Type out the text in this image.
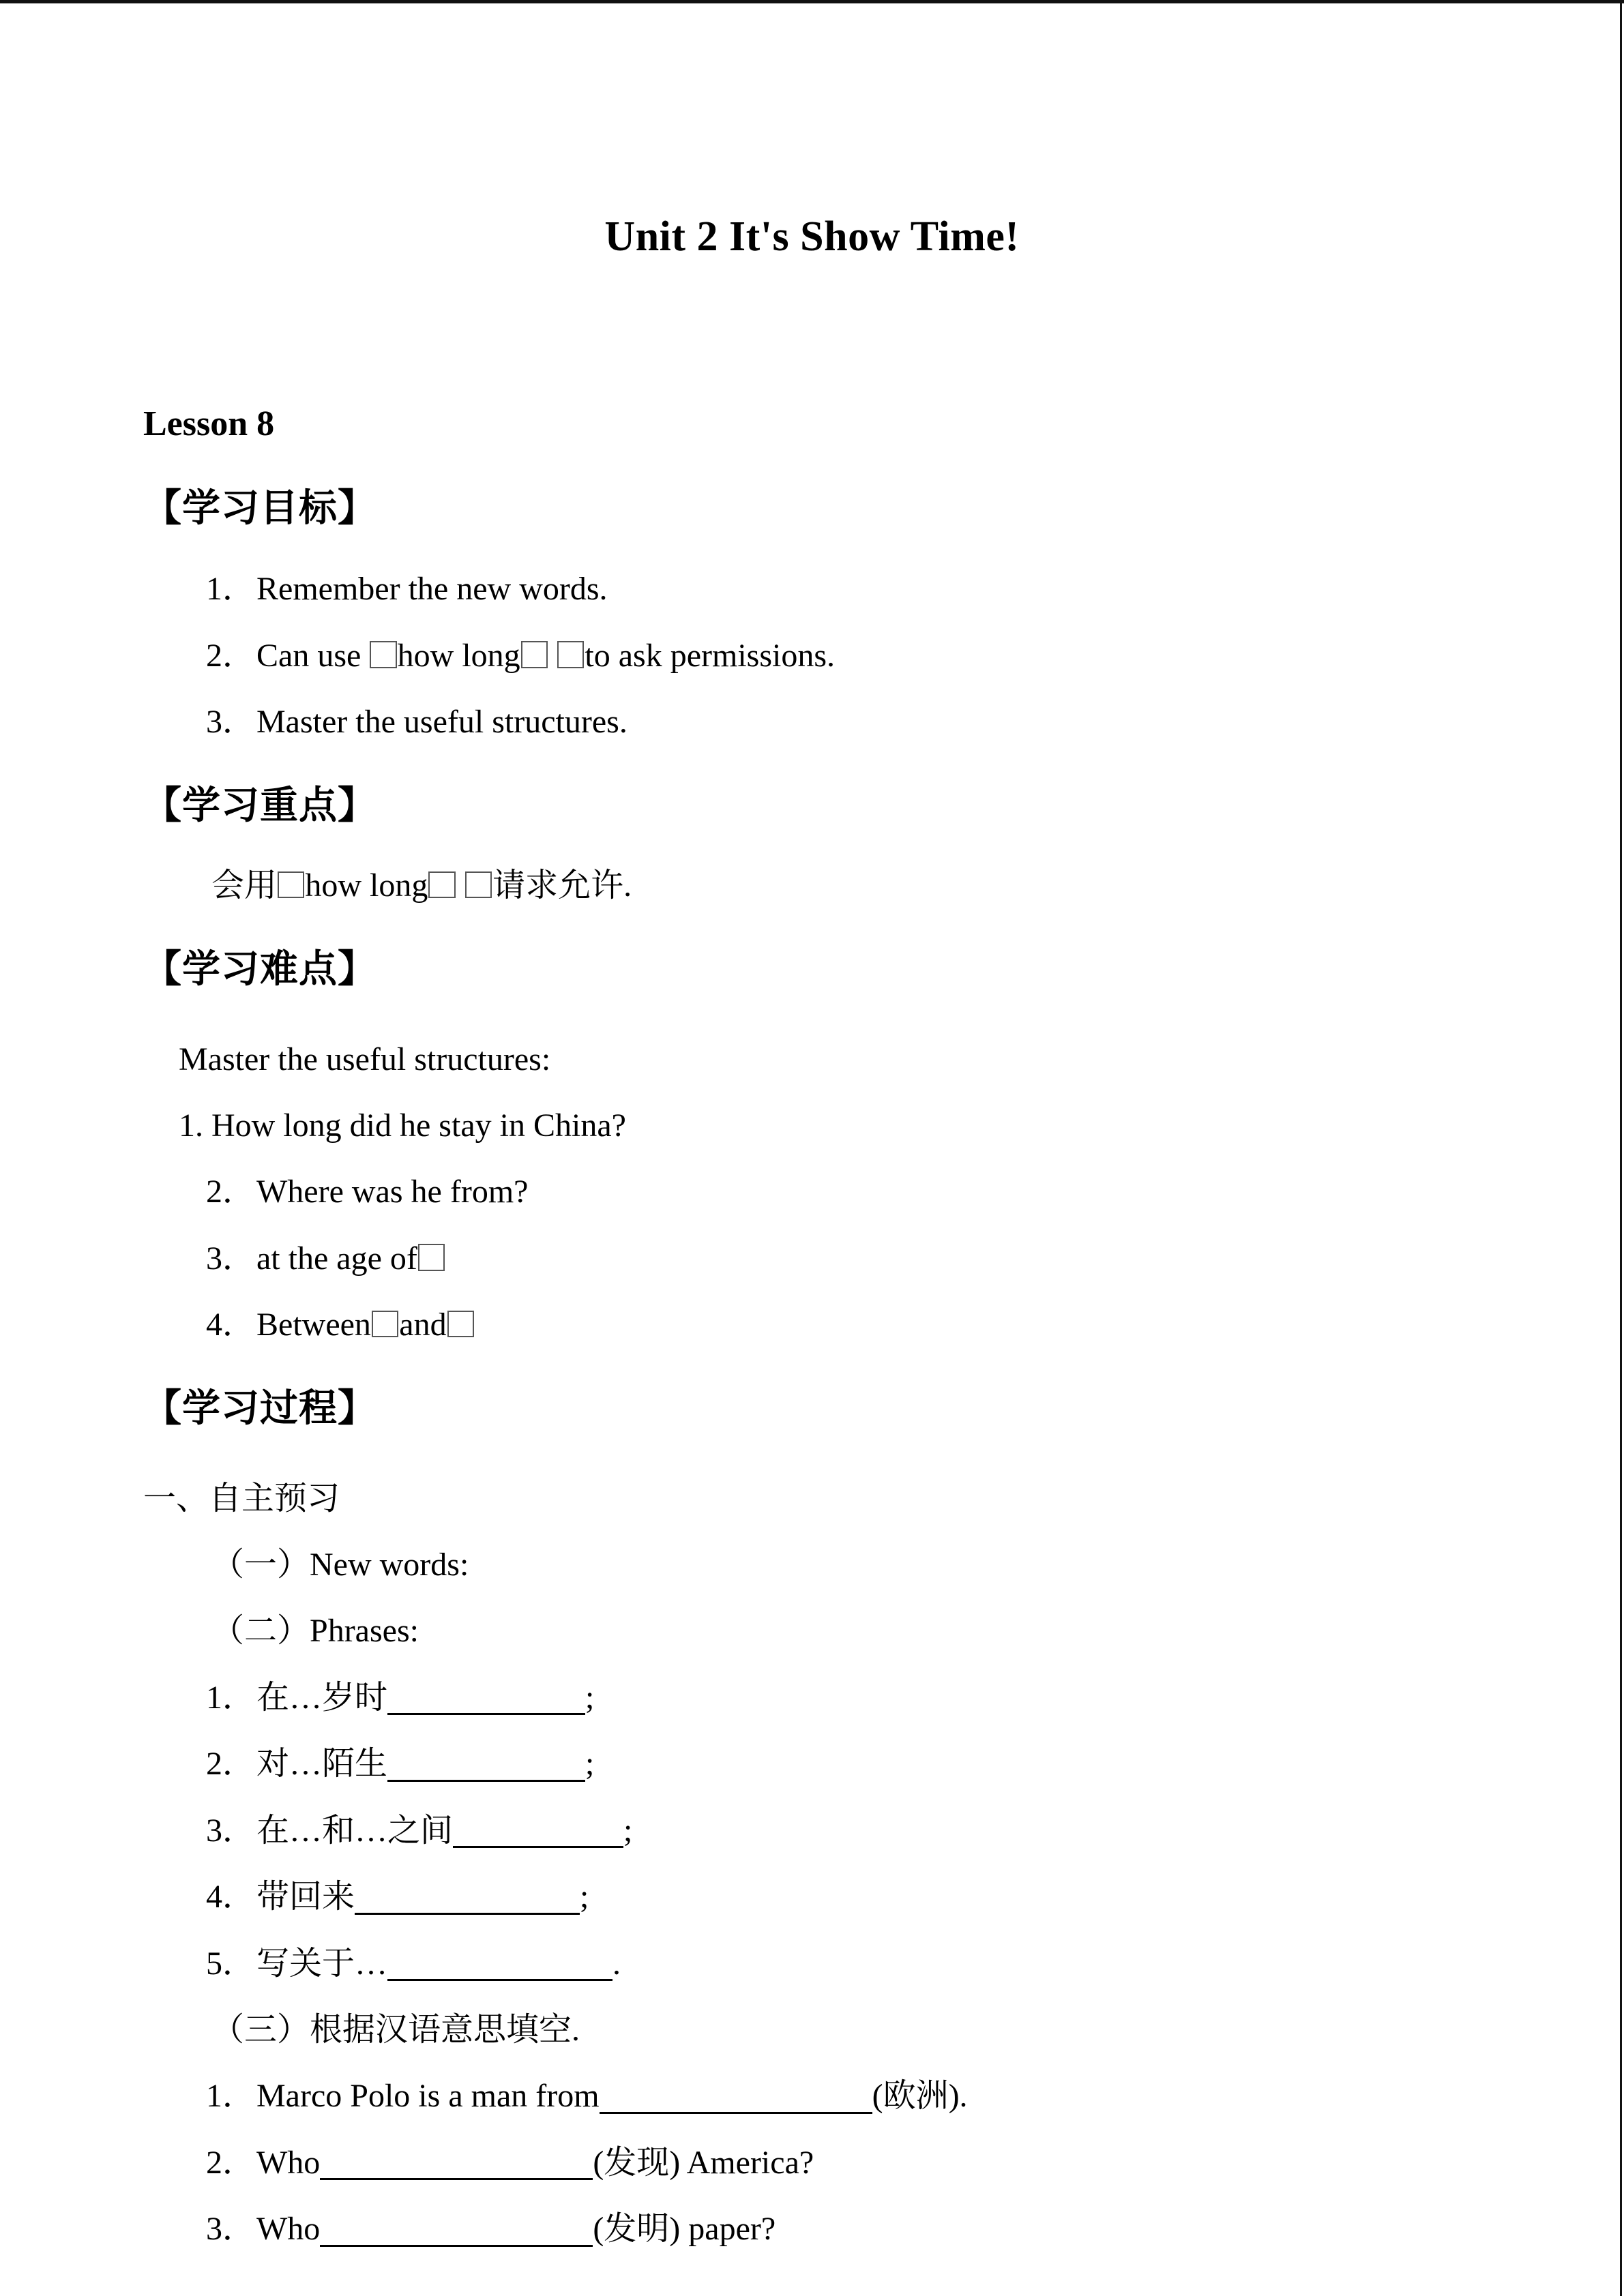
Unit 2 It's Show Time!
Lesson 8
【学习目标】

1．Remember the new words.

2．Can use how long to ask permissions.

3．Master the useful structures.

【学习重点】

会用 how long 请求允许.

【学习难点】

Master the useful structures:

1. How long did he stay in China?

2．Where was he from?

3．at the age of

4．Between and

【学习过程】

一、自主预习

（一）New words:

（二）Phrases:

1．在…岁时	;

2．对…陌生	;

3．在…和…之间	;

4．带回来	;

5．写关于…	.

（三）根据汉语意思填空.

1．Marco Polo is a man from	(欧洲).

2．Who	(发现) America?

3．Who	(发明) paper?
